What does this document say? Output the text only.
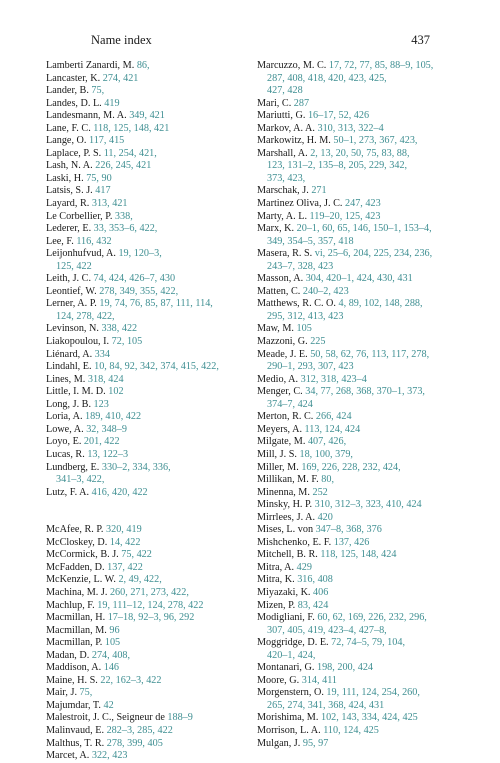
Name index	437
Lamberti Zanardi, M. 86,
Lancaster, K. 274, 421
Lander, B. 75,
Landes, D. L. 419
Landesmann, M. A. 349, 421
Lane, F. C. 118, 125, 148, 421
Lange, O. 117, 415
Laplace, P. S. 11, 254, 421,
Lash, N. A. 226, 245, 421
Laski, H. 75, 90
Latsis, S. J. 417
Layard, R. 313, 421
Le Corbellier, P. 338,
Lederer, E. 33, 353–6, 422,
Lee, F. 116, 432
Leijonhufvud, A. 19, 120–3,
125, 422
Leith, J. C. 74, 424, 426–7, 430
Leontief, W. 278, 349, 355, 422,
Lerner, A. P. 19, 74, 76, 85, 87, 111, 114,
124, 278, 422,
Levinson, N. 338, 422
Liakopoulou, I. 72, 105
Liénard, A. 334
Lindahl, E. 10, 84, 92, 342, 374, 415, 422,
Lines, M. 318, 424
Little, I. M. D. 102
Long, J. B. 123
Loria, A. 189, 410, 422
Lowe, A. 32, 348–9
Loyo, E. 201, 422
Lucas, R. 13, 122–3
Lundberg, E. 330–2, 334, 336,
341–3, 422,
Lutz, F. A. 416, 420, 422
McAfee, R. P. 320, 419
McCloskey, D. 14, 422
McCormick, B. J. 75, 422
McFadden, D. 137, 422
McKenzie, L. W. 2, 49, 422,
Machina, M. J. 260, 271, 273, 422,
Machlup, F. 19, 111–12, 124, 278, 422
Macmillan, H. 17–18, 92–3, 96, 292
Macmillan, M. 96
Macmillan, P. 105
Madan, D. 274, 408,
Maddison, A. 146
Maine, H. S. 22, 162–3, 422
Mair, J. 75,
Majumdar, T. 42
Malestroit, J. C., Seigneur de 188–9
Malinvaud, E. 282–3, 285, 422
Malthus, T. R. 278, 399, 405
Marcet, A. 322, 423
Marcuzzo, M. C. 17, 72, 77, 85, 88–9, 105,
287, 408, 418, 420, 423, 425,
427, 428
Mari, C. 287
Mariutti, G. 16–17, 52, 426
Markov, A. A. 310, 313, 322–4
Markowitz, H. M. 50–1, 273, 367, 423,
Marshall, A. 2, 13, 20, 50, 75, 83, 88,
123, 131–2, 135–8, 205, 229, 342,
373, 423,
Marschak, J. 271
Martinez Oliva, J. C. 247, 423
Marty, A. L. 119–20, 125, 423
Marx, K. 20–1, 60, 65, 146, 150–1, 153–4,
349, 354–5, 357, 418
Masera, R. S. vi, 25–6, 204, 225, 234, 236,
243–7, 328, 423
Masson, A. 304, 420–1, 424, 430, 431
Matten, C. 240–2, 423
Matthews, R. C. O. 4, 89, 102, 148, 288,
295, 312, 413, 423
Maw, M. 105
Mazzoni, G. 225
Meade, J. E. 50, 58, 62, 76, 113, 117, 278,
290–1, 293, 307, 423
Medio, A. 312, 318, 423–4
Menger, C. 34, 77, 268, 368, 370–1, 373,
374–7, 424
Merton, R. C. 266, 424
Meyers, A. 113, 124, 424
Milgate, M. 407, 426,
Mill, J. S. 18, 100, 379,
Miller, M. 169, 226, 228, 232, 424,
Millikan, M. F. 80,
Minenna, M. 252
Minsky, H. P. 310, 312–3, 323, 410, 424
Mirrlees, J. A. 420
Mises, L. von 347–8, 368, 376
Mishchenko, E. F. 137, 426
Mitchell, B. R. 118, 125, 148, 424
Mitra, A. 429
Mitra, K. 316, 408
Miyazaki, K. 406
Mizen, P. 83, 424
Modigliani, F. 60, 62, 169, 226, 232, 296,
307, 405, 419, 423–4, 427–8,
Moggridge, D. E. 72, 74–5, 79, 104,
420–1, 424,
Montanari, G. 198, 200, 424
Moore, G. 314, 411
Morgenstern, O. 19, 111, 124, 254, 260,
265, 274, 341, 368, 424, 431
Morishima, M. 102, 143, 334, 424, 425
Morrison, L. A. 110, 124, 425
Mulgan, J. 95, 97
